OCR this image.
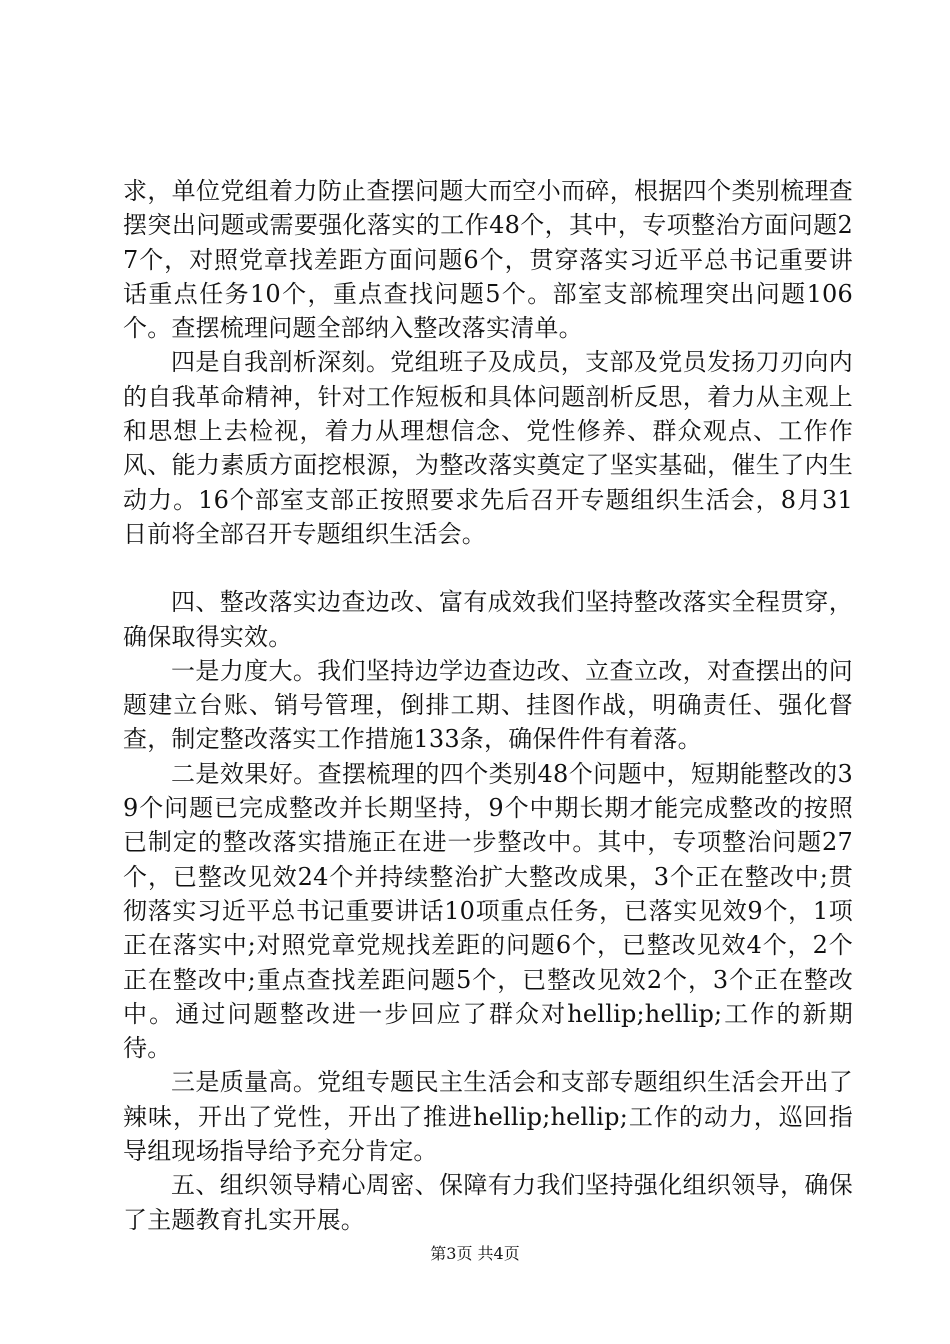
求，单位党组着力防止查摆问题大而空小而碎，根据四个类别梳理查摆突出问题或需要强化落实的工作48个，其中，专项整治方面问题27个，对照党章找差距方面问题6个，贯穿落实习近平总书记重要讲话重点任务10个，重点查找问题5个。部室支部梳理突出问题106个。查摆梳理问题全部纳入整改落实清单。

四是自我剖析深刻。党组班子及成员，支部及党员发扬刀刃向内的自我革命精神，针对工作短板和具体问题剖析反思，着力从主观上和思想上去检视，着力从理想信念、党性修养、群众观点、工作作风、能力素质方面挖根源，为整改落实奠定了坚实基础，催生了内生动力。16个部室支部正按照要求先后召开专题组织生活会，8月31日前将全部召开专题组织生活会。

四、整改落实边查边改、富有成效我们坚持整改落实全程贯穿，确保取得实效。

一是力度大。我们坚持边学边查边改、立查立改，对查摆出的问题建立台账、销号管理，倒排工期、挂图作战，明确责任、强化督查，制定整改落实工作措施133条，确保件件有着落。

二是效果好。查摆梳理的四个类别48个问题中，短期能整改的39个问题已完成整改并长期坚持，9个中期长期才能完成整改的按照已制定的整改落实措施正在进一步整改中。其中，专项整治问题27个，已整改见效24个并持续整治扩大整改成果，3个正在整改中;贯彻落实习近平总书记重要讲话10项重点任务，已落实见效9个，1项正在落实中;对照党章党规找差距的问题6个，已整改见效4个，2个正在整改中;重点查找差距问题5个，已整改见效2个，3个正在整改中。通过问题整改进一步回应了群众对hellip;hellip;工作的新期待。

三是质量高。党组专题民主生活会和支部专题组织生活会开出了辣味，开出了党性，开出了推进hellip;hellip;工作的动力，巡回指导组现场指导给予充分肯定。

五、组织领导精心周密、保障有力我们坚持强化组织领导，确保了主题教育扎实开展。

第3页 共4页
